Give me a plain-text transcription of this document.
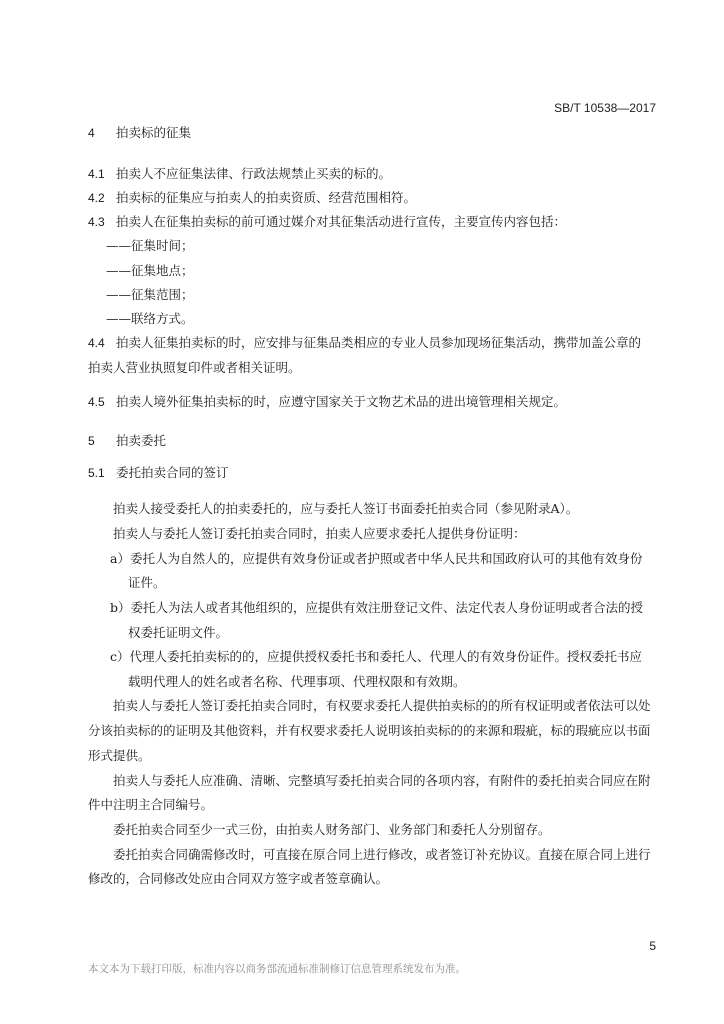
SB/T 10538—2017
4 拍卖标的征集
4.1 拍卖人不应征集法律、行政法规禁止买卖的标的。
4.2 拍卖标的征集应与拍卖人的拍卖资质、经营范围相符。
4.3 拍卖人在征集拍卖标的前可通过媒介对其征集活动进行宣传，主要宣传内容包括：
——征集时间；
——征集地点；
——征集范围；
——联络方式。
4.4 拍卖人征集拍卖标的时，应安排与征集品类相应的专业人员参加现场征集活动，携带加盖公章的
拍卖人营业执照复印件或者相关证明。
4.5 拍卖人境外征集拍卖标的时，应遵守国家关于文物艺术品的进出境管理相关规定。
5 拍卖委托
5.1 委托拍卖合同的签订
拍卖人接受委托人的拍卖委托的，应与委托人签订书面委托拍卖合同（参见附录A）。
拍卖人与委托人签订委托拍卖合同时，拍卖人应要求委托人提供身份证明：
a）委托人为自然人的，应提供有效身份证或者护照或者中华人民共和国政府认可的其他有效身份
证件。
b）委托人为法人或者其他组织的，应提供有效注册登记文件、法定代表人身份证明或者合法的授
权委托证明文件。
c）代理人委托拍卖标的的，应提供授权委托书和委托人、代理人的有效身份证件。授权委托书应
载明代理人的姓名或者名称、代理事项、代理权限和有效期。
拍卖人与委托人签订委托拍卖合同时，有权要求委托人提供拍卖标的的所有权证明或者依法可以处
分该拍卖标的的证明及其他资料，并有权要求委托人说明该拍卖标的的来源和瑕疵，标的瑕疵应以书面
形式提供。
拍卖人与委托人应准确、清晰、完整填写委托拍卖合同的各项内容，有附件的委托拍卖合同应在附
件中注明主合同编号。
委托拍卖合同至少一式三份，由拍卖人财务部门、业务部门和委托人分别留存。
委托拍卖合同确需修改时，可直接在原合同上进行修改，或者签订补充协议。直接在原合同上进行
修改的，合同修改处应由合同双方签字或者签章确认。
5
本文本为下载打印版，标准内容以商务部流通标准制修订信息管理系统发布为准。
